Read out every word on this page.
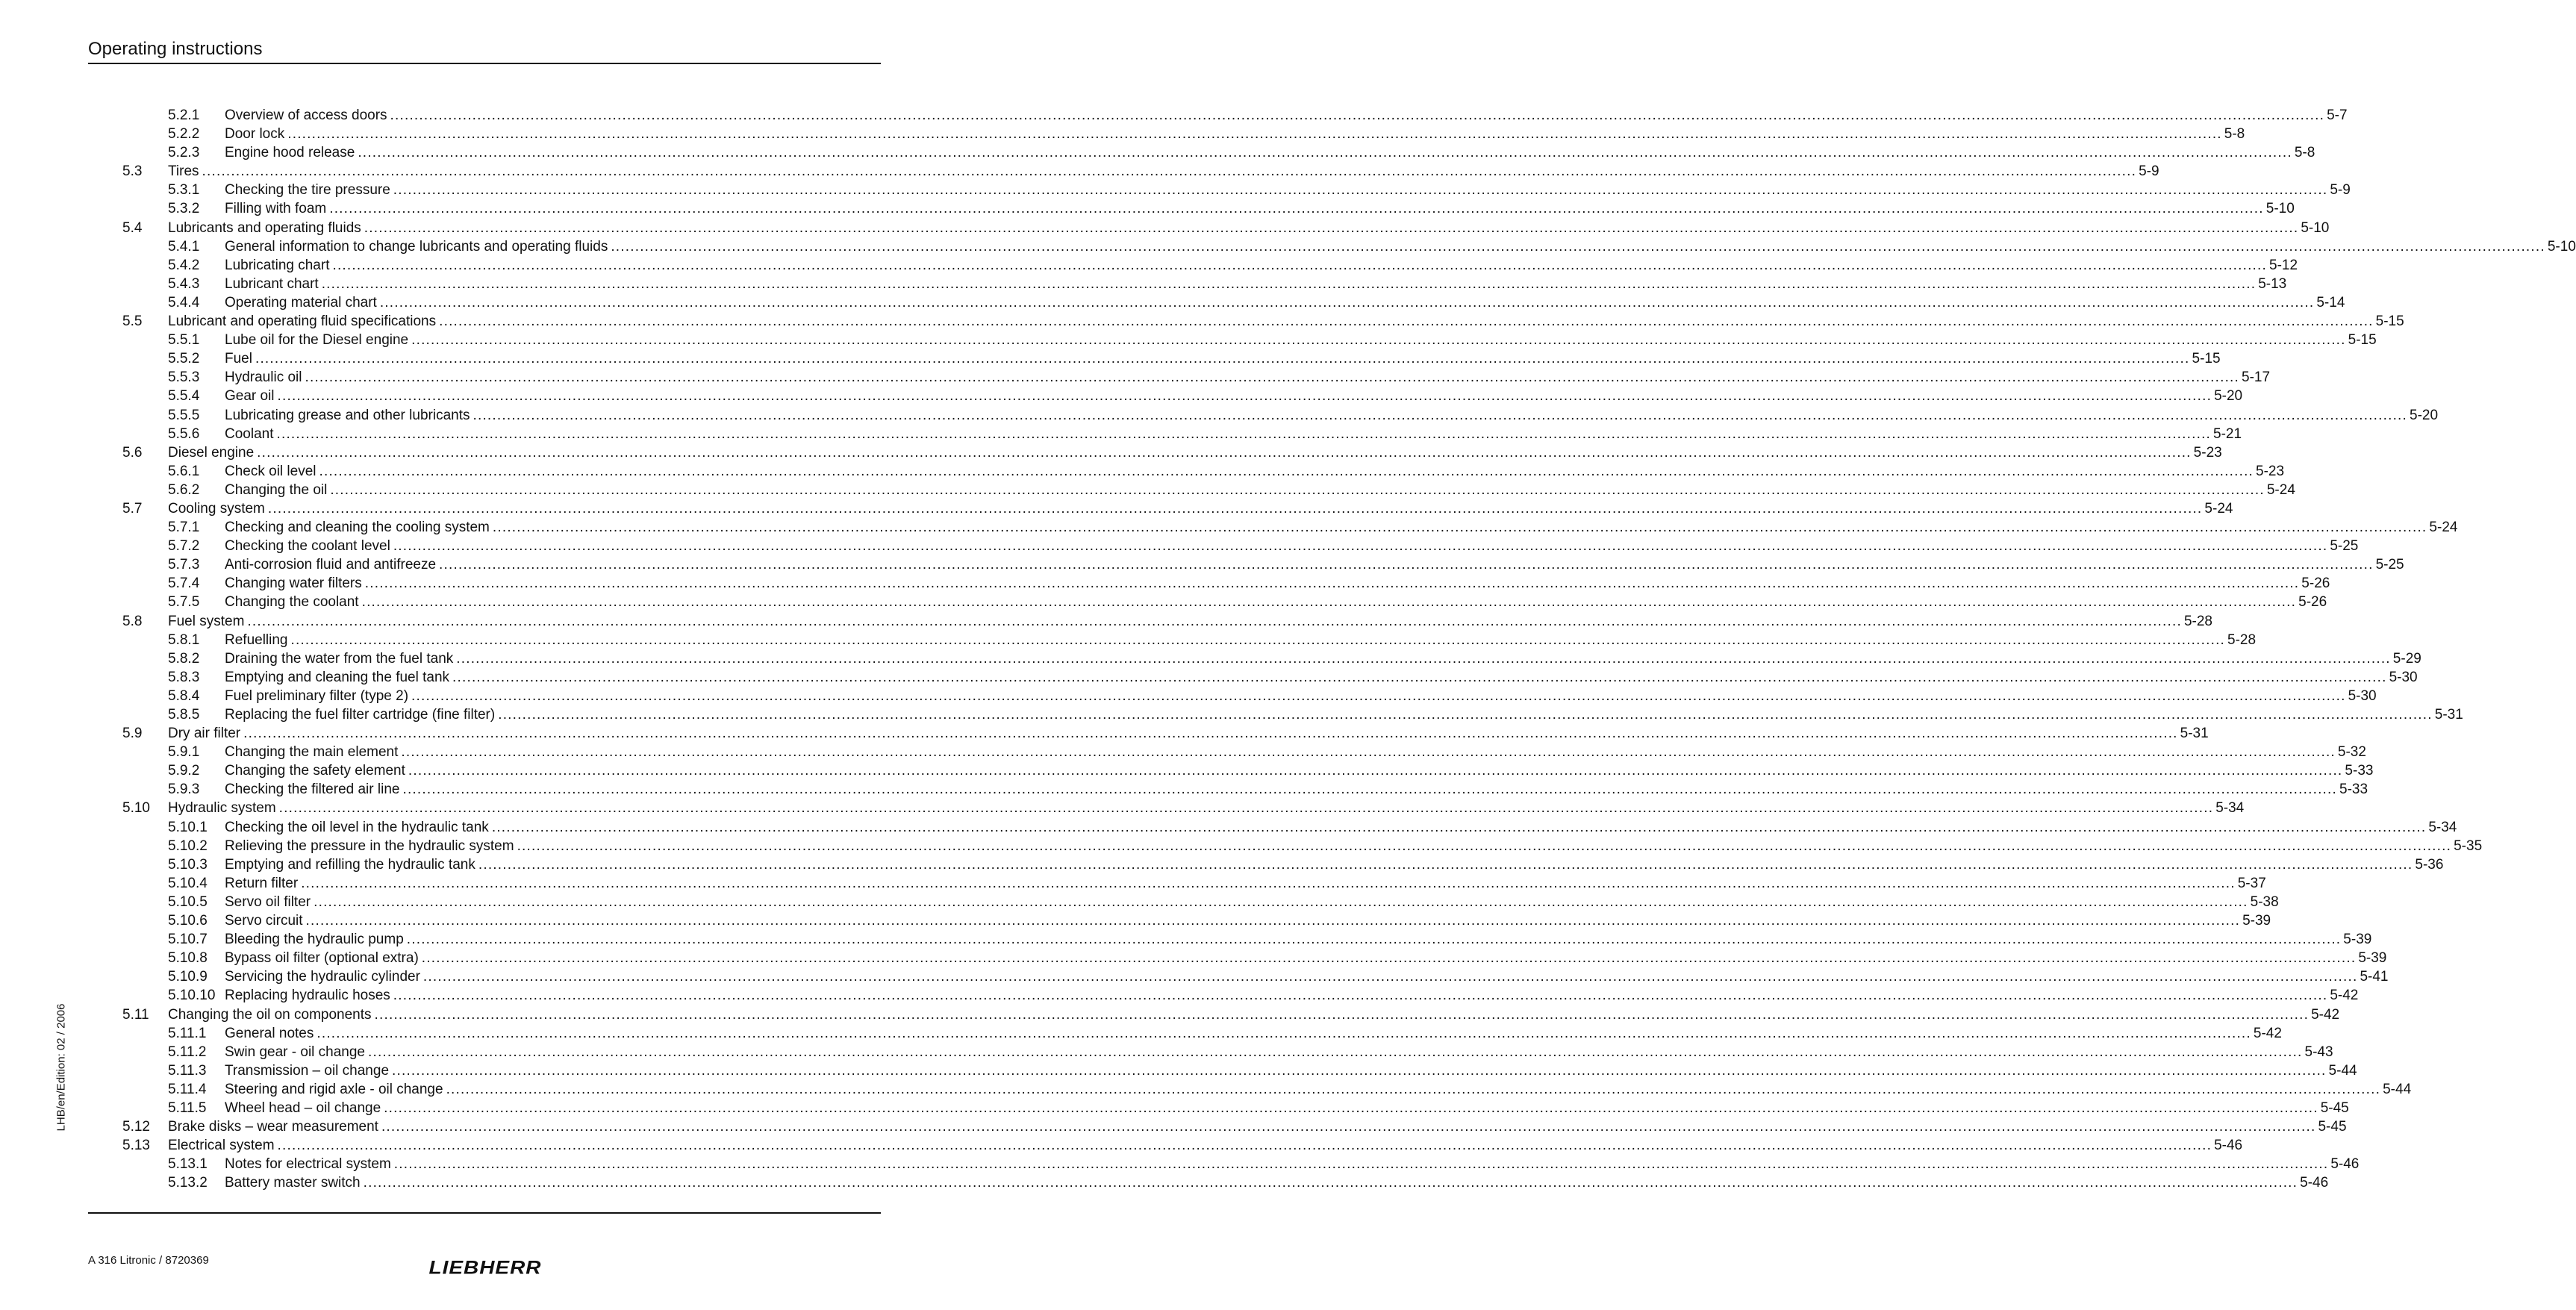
Operating instructions
5.2.1 Overview of access doors ................................................................................................................................................................................................................................................................................................................................................................................................................ 5-7
5.2.2 Door lock ................................................................................................................................................................................................................................................................................................................................................................................................................ 5-8
5.2.3 Engine hood release ................................................................................................................................................................................................................................................................................................................................................................................................................ 5-8
5.3 Tires ................................................................................................................................................................................................................................................................................................................................................................................................................ 5-9
5.3.1 Checking the tire pressure ................................................................................................................................................................................................................................................................................................................................................................................................................ 5-9
5.3.2 Filling with foam ................................................................................................................................................................................................................................................................................................................................................................................................................ 5-10
5.4 Lubricants and operating fluids ................................................................................................................................................................................................................................................................................................................................................................................................................ 5-10
5.4.1 General information to change lubricants and operating fluids ................................................................................................................................................................................................................................................................................................................................................................................................................ 5-10
5.4.2 Lubricating chart ................................................................................................................................................................................................................................................................................................................................................................................................................ 5-12
5.4.3 Lubricant chart ................................................................................................................................................................................................................................................................................................................................................................................................................ 5-13
5.4.4 Operating material chart ................................................................................................................................................................................................................................................................................................................................................................................................................ 5-14
5.5 Lubricant and operating fluid specifications ................................................................................................................................................................................................................................................................................................................................................................................................................ 5-15
5.5.1 Lube oil for the Diesel engine ................................................................................................................................................................................................................................................................................................................................................................................................................ 5-15
5.5.2 Fuel ................................................................................................................................................................................................................................................................................................................................................................................................................ 5-15
5.5.3 Hydraulic oil ................................................................................................................................................................................................................................................................................................................................................................................................................ 5-17
5.5.4 Gear oil ................................................................................................................................................................................................................................................................................................................................................................................................................ 5-20
5.5.5 Lubricating grease and other lubricants ................................................................................................................................................................................................................................................................................................................................................................................................................ 5-20
5.5.6 Coolant ................................................................................................................................................................................................................................................................................................................................................................................................................ 5-21
5.6 Diesel engine ................................................................................................................................................................................................................................................................................................................................................................................................................ 5-23
5.6.1 Check oil level ................................................................................................................................................................................................................................................................................................................................................................................................................ 5-23
5.6.2 Changing the oil ................................................................................................................................................................................................................................................................................................................................................................................................................ 5-24
5.7 Cooling system ................................................................................................................................................................................................................................................................................................................................................................................................................ 5-24
5.7.1 Checking and cleaning the cooling system ................................................................................................................................................................................................................................................................................................................................................................................................................ 5-24
5.7.2 Checking the coolant level ................................................................................................................................................................................................................................................................................................................................................................................................................ 5-25
5.7.3 Anti-corrosion fluid and antifreeze ................................................................................................................................................................................................................................................................................................................................................................................................................ 5-25
5.7.4 Changing water filters ................................................................................................................................................................................................................................................................................................................................................................................................................ 5-26
5.7.5 Changing the coolant ................................................................................................................................................................................................................................................................................................................................................................................................................ 5-26
5.8 Fuel system ................................................................................................................................................................................................................................................................................................................................................................................................................ 5-28
5.8.1 Refuelling ................................................................................................................................................................................................................................................................................................................................................................................................................ 5-28
5.8.2 Draining the water from the fuel tank ................................................................................................................................................................................................................................................................................................................................................................................................................ 5-29
5.8.3 Emptying and cleaning the fuel tank ................................................................................................................................................................................................................................................................................................................................................................................................................ 5-30
5.8.4 Fuel preliminary filter (type 2) ................................................................................................................................................................................................................................................................................................................................................................................................................ 5-30
5.8.5 Replacing the fuel filter cartridge (fine filter) ................................................................................................................................................................................................................................................................................................................................................................................................................ 5-31
5.9 Dry air filter ................................................................................................................................................................................................................................................................................................................................................................................................................ 5-31
5.9.1 Changing the main element ................................................................................................................................................................................................................................................................................................................................................................................................................ 5-32
5.9.2 Changing the safety element ................................................................................................................................................................................................................................................................................................................................................................................................................ 5-33
5.9.3 Checking the filtered air line ................................................................................................................................................................................................................................................................................................................................................................................................................ 5-33
5.10 Hydraulic system ................................................................................................................................................................................................................................................................................................................................................................................................................ 5-34
5.10.1 Checking the oil level in the hydraulic tank ................................................................................................................................................................................................................................................................................................................................................................................................................ 5-34
5.10.2 Relieving the pressure in the hydraulic system ................................................................................................................................................................................................................................................................................................................................................................................................................ 5-35
5.10.3 Emptying and refilling the hydraulic tank ................................................................................................................................................................................................................................................................................................................................................................................................................ 5-36
5.10.4 Return filter ................................................................................................................................................................................................................................................................................................................................................................................................................ 5-37
5.10.5 Servo oil filter ................................................................................................................................................................................................................................................................................................................................................................................................................ 5-38
5.10.6 Servo circuit ................................................................................................................................................................................................................................................................................................................................................................................................................ 5-39
5.10.7 Bleeding the hydraulic pump ................................................................................................................................................................................................................................................................................................................................................................................................................ 5-39
5.10.8 Bypass oil filter (optional extra) ................................................................................................................................................................................................................................................................................................................................................................................................................ 5-39
5.10.9 Servicing the hydraulic cylinder ................................................................................................................................................................................................................................................................................................................................................................................................................ 5-41
5.10.10 Replacing hydraulic hoses ................................................................................................................................................................................................................................................................................................................................................................................................................ 5-42
5.11 Changing the oil on components ................................................................................................................................................................................................................................................................................................................................................................................................................ 5-42
5.11.1 General notes ................................................................................................................................................................................................................................................................................................................................................................................................................ 5-42
5.11.2 Swin gear - oil change ................................................................................................................................................................................................................................................................................................................................................................................................................ 5-43
5.11.3 Transmission – oil change ................................................................................................................................................................................................................................................................................................................................................................................................................ 5-44
5.11.4 Steering and rigid axle - oil change ................................................................................................................................................................................................................................................................................................................................................................................................................ 5-44
5.11.5 Wheel head – oil change ................................................................................................................................................................................................................................................................................................................................................................................................................ 5-45
5.12 Brake disks – wear measurement ................................................................................................................................................................................................................................................................................................................................................................................................................ 5-45
5.13 Electrical system ................................................................................................................................................................................................................................................................................................................................................................................................................ 5-46
5.13.1 Notes for electrical system ................................................................................................................................................................................................................................................................................................................................................................................................................ 5-46
5.13.2 Battery master switch ................................................................................................................................................................................................................................................................................................................................................................................................................ 5-46
LHB/en/Edition: 02 / 2006
A 316 Litronic / 8720369	LIEBHERR
